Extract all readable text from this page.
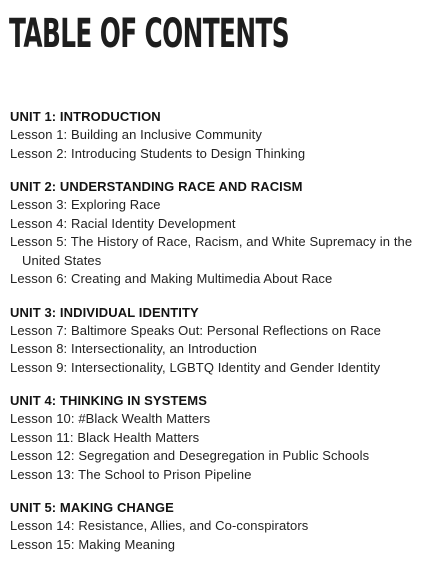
TABLE OF CONTENTS
UNIT 1: INTRODUCTION
Lesson 1: Building an Inclusive Community
Lesson 2: Introducing Students to Design Thinking
UNIT 2: UNDERSTANDING RACE AND RACISM
Lesson 3: Exploring Race
Lesson 4: Racial Identity Development
Lesson 5: The History of Race, Racism, and White Supremacy in the United States
Lesson 6: Creating and Making Multimedia About Race
UNIT 3: INDIVIDUAL IDENTITY
Lesson 7: Baltimore Speaks Out: Personal Reflections on Race
Lesson 8: Intersectionality, an Introduction
Lesson 9: Intersectionality, LGBTQ Identity and Gender Identity
UNIT 4: THINKING IN SYSTEMS
Lesson 10: #Black Wealth Matters
Lesson 11: Black Health Matters
Lesson 12: Segregation and Desegregation in Public Schools
Lesson 13: The School to Prison Pipeline
UNIT 5: MAKING CHANGE
Lesson 14: Resistance, Allies, and Co-conspirators
Lesson 15: Making Meaning
